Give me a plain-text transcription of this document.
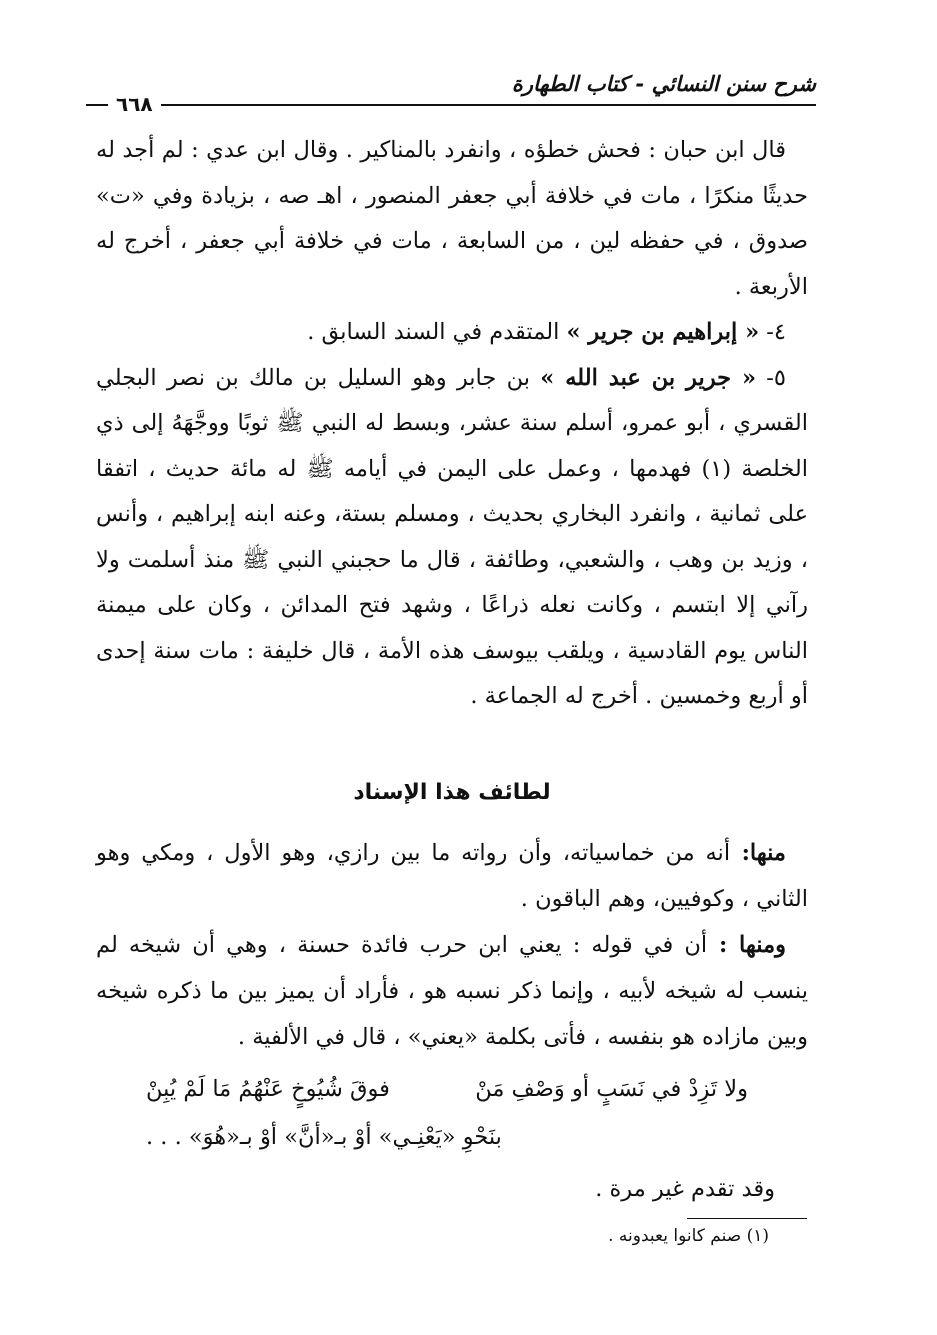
شرح سنن النسائي - كتاب الطهارة
٦٦٨

قال ابن حبان : فحش خطؤه ، وانفرد بالمناكير . وقال ابن عدي : لم أجد له حديثًا منكرًا ، مات في خلافة أبي جعفر المنصور ، اهـ صه ، بزيادة وفي «ت» صدوق ، في حفظه لين ، من السابعة ، مات في خلافة أبي جعفر ، أخرج له الأربعة .

٤- « إبراهيم بن جرير » المتقدم في السند السابق .

٥- « جرير بن عبد الله » بن جابر وهو السليل بن مالك بن نصر البجلي القسري ، أبو عمرو، أسلم سنة عشر، وبسط له النبي ﷺ ثوبًا ووجَّهَهُ إلى ذي الخلصة (١) فهدمها ، وعمل على اليمن في أيامه ﷺ له مائة حديث ، اتفقا على ثمانية ، وانفرد البخاري بحديث ، ومسلم بستة، وعنه ابنه إبراهيم ، وأنس ، وزيد بن وهب ، والشعبي، وطائفة ، قال ما حجبني النبي ﷺ منذ أسلمت ولا رآني إلا ابتسم ، وكانت نعله ذراعًا ، وشهد فتح المدائن ، وكان على ميمنة الناس يوم القادسية ، ويلقب بيوسف هذه الأمة ، قال خليفة : مات سنة إحدى أو أربع وخمسين . أخرج له الجماعة .

لطائف هذا الإسناد

منها: أنه من خماسياته، وأن رواته ما بين رازي، وهو الأول ، ومكي وهو الثاني ، وكوفيين، وهم الباقون .

ومنها : أن في قوله : يعني ابن حرب فائدة حسنة ، وهي أن شيخه لم ينسب له شيخه لأبيه ، وإنما ذكر نسبه هو ، فأراد أن يميز بين ما ذكره شيخه وبين مازاده هو بنفسه ، فأتى بكلمة «يعني» ، قال في الألفية .

ولا تَزِدْ في نَسَبٍ أو وَصْفِ مَنْ
فوقَ شُيُوخٍ عَنْهُمُ مَا لَمْ يُبِنْ
بنَحْوِ «يَعْنِـي» أوْ بـ«أنَّ» أوْ بـ«هُوَ» . . .
وقد تقدم غير مرة .
(١) صنم كانوا يعبدونه .
